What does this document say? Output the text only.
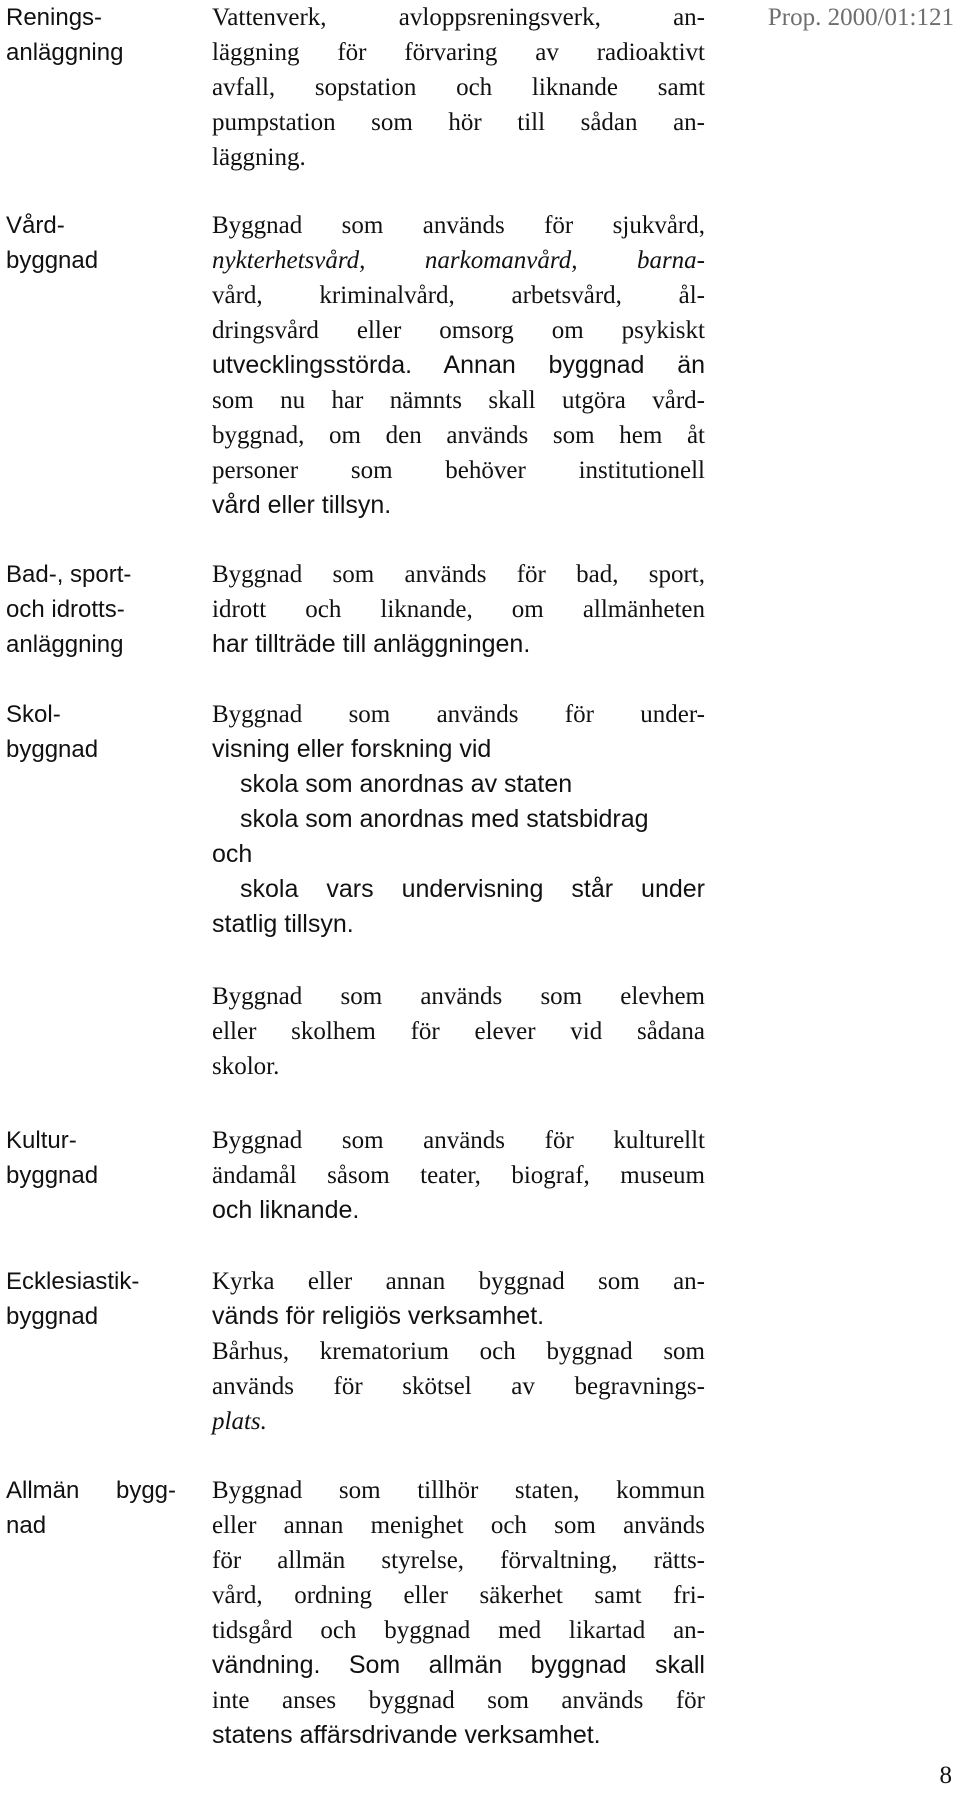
Prop. 2000/01:121
Renings-
anläggning
Vattenverk, avloppsreningsverk, an-
läggning för förvaring av radioaktivt
avfall, sopstation och liknande samt
pumpstation som hör till sådan an-
läggning.
Vård-
byggnad
Byggnad som används för sjukvård,
nykterhetsvård, narkomanvård, barna-
vård, kriminalvård, arbetsvård, ål-
dringsvård eller omsorg om psykiskt
utvecklingsstörda. Annan byggnad än
som nu har nämnts skall utgöra vård-
byggnad, om den används som hem åt
personer som behöver institutionell
vård eller tillsyn.
Bad-, sport-
och idrotts-
anläggning
Byggnad som används för bad, sport,
idrott och liknande, om allmänheten
har tillträde till anläggningen.
Skol-
byggnad
Byggnad som används för under-
visning eller forskning vid
skola som anordnas av staten
skola som anordnas med statsbidrag
och
skola vars undervisning står under
statlig tillsyn.
Byggnad som används som elevhem
eller skolhem för elever vid sådana
skolor.
Kultur-
byggnad
Byggnad som används för kulturellt
ändamål såsom teater, biograf, museum
och liknande.
Ecklesiastik-
byggnad
Kyrka eller annan byggnad som an-
vänds för religiös verksamhet.
Bårhus, krematorium och byggnad som
används för skötsel av begravnings-
plats.
Allmän bygg-
nad
Byggnad som tillhör staten, kommun
eller annan menighet och som används
för allmän styrelse, förvaltning, rätts-
vård, ordning eller säkerhet samt fri-
tidsgård och byggnad med likartad an-
vändning. Som allmän byggnad skall
inte anses byggnad som används för
statens affärsdrivande verksamhet.
8
